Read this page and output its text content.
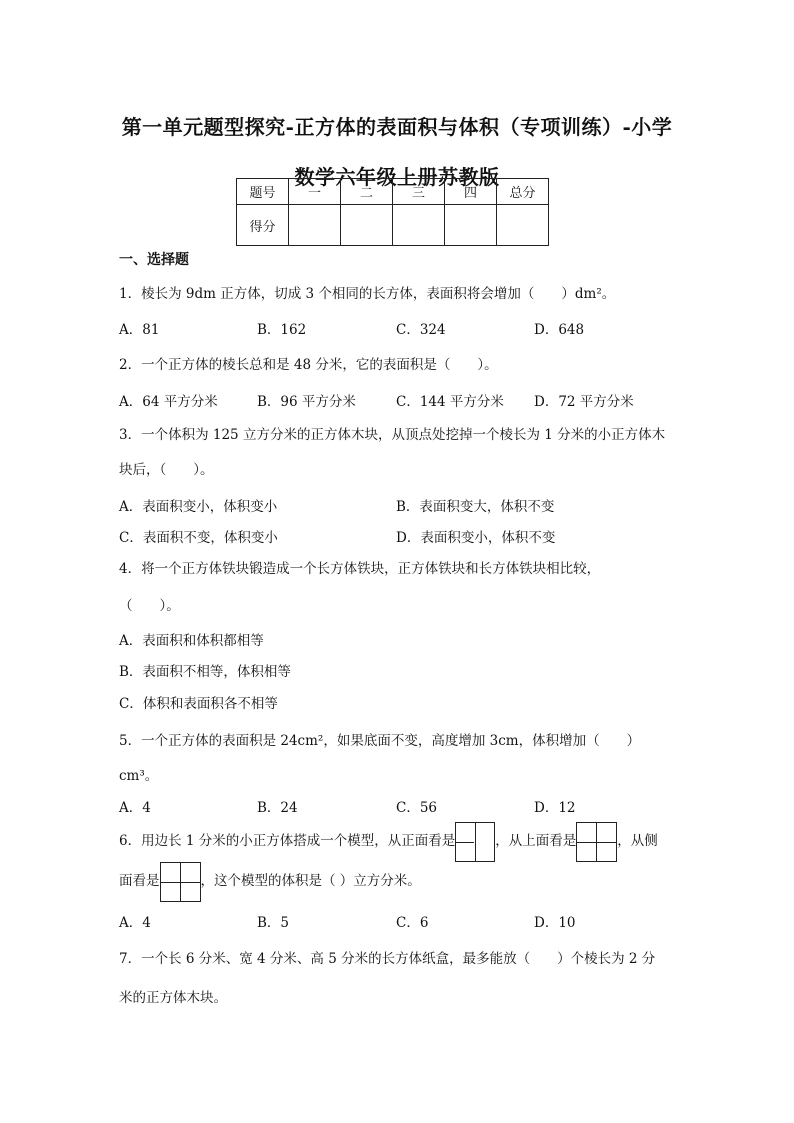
第一单元题型探究-正方体的表面积与体积（专项训练）-小学
数学六年级上册苏教版
题号	一	二	三	四	总分
得分					
一、选择题
1．棱长为 9dm 正方体，切成 3 个相同的长方体，表面积将会增加（　　）dm²。
A．81	B．162	C．324	D．648
2．一个正方体的棱长总和是 48 分米，它的表面积是（　　）。
A．64 平方分米	B．96 平方分米	C．144 平方分米 D．72 平方分米
3．一个体积为 125 立方分米的正方体木块，从顶点处挖掉一个棱长为 1 分米的小正方体木
块后，（　　）。
A．表面积变小，体积变小	B．表面积变大，体积不变
C．表面积不变，体积变小	D．表面积变小，体积不变
4．将一个正方体铁块锻造成一个长方体铁块，正方体铁块和长方体铁块相比较，
（　　）。
A．表面积和体积都相等
B．表面积不相等，体积相等
C．体积和表面积各不相等
5．一个正方体的表面积是 24cm²，如果底面不变，高度增加 3cm，体积增加（　　）
cm³。
A．4	B．24	C．56	D．12
6．用边长 1 分米的小正方体搭成一个模型，从正面看是	，从上面看是	，从侧
面看是	，这个模型的体积是（ ）立方分米。
A．4	B．5	C．6	D．10
7．一个长 6 分米、宽 4 分米、高 5 分米的长方体纸盒，最多能放（　　）个棱长为 2 分
米的正方体木块。
